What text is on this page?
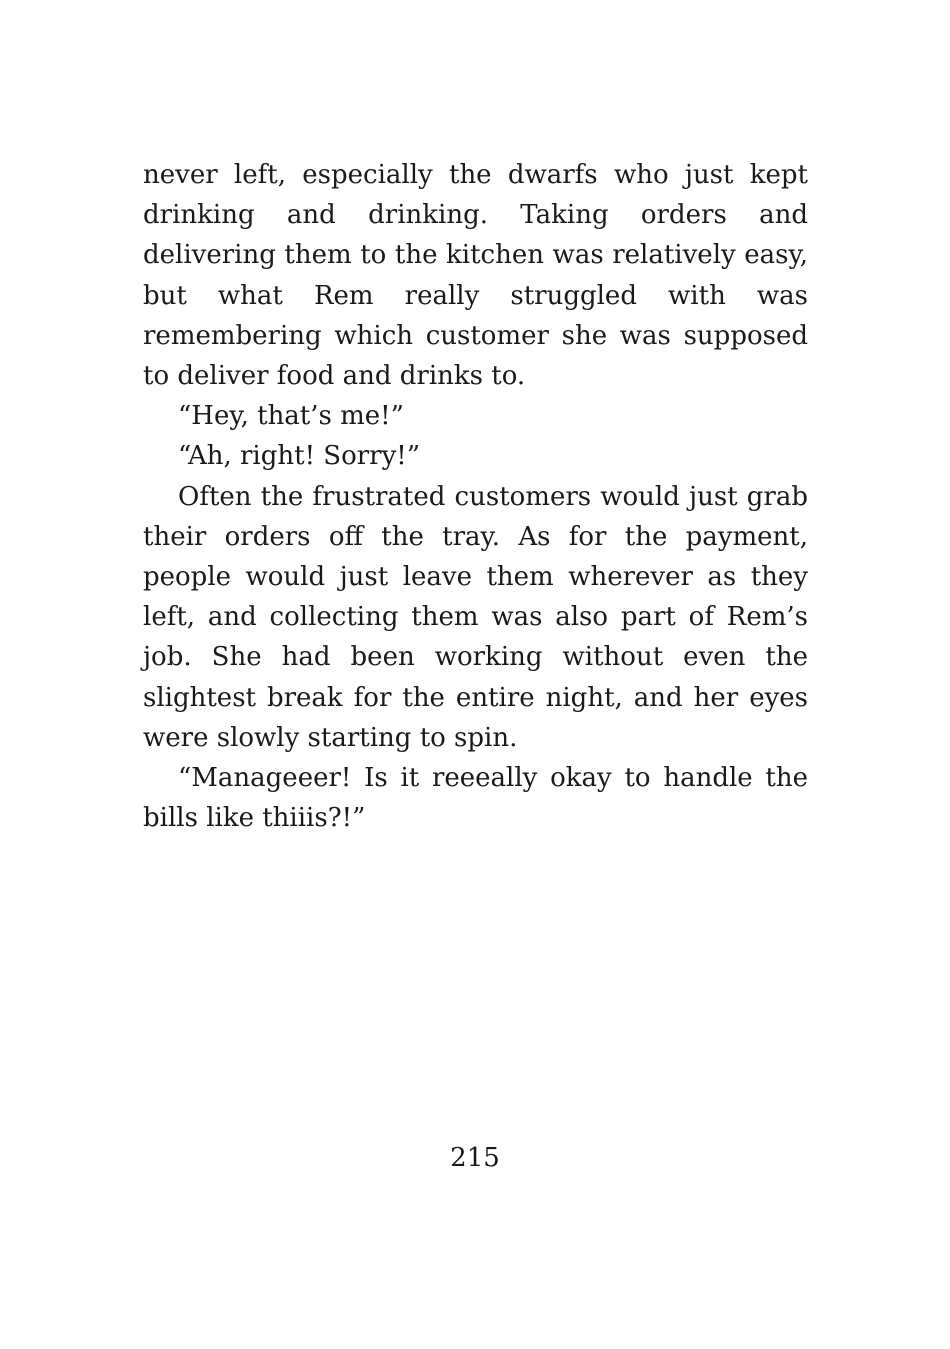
never left, especially the dwarfs who just kept drinking and drinking. Taking orders and delivering them to the kitchen was relatively easy, but what Rem really struggled with was remembering which customer she was supposed to deliver food and drinks to.

“Hey, that’s me!”

“Ah, right! Sorry!”

Often the frustrated customers would just grab their orders off the tray. As for the payment, people would just leave them wherever as they left, and collecting them was also part of Rem’s job. She had been working without even the slightest break for the entire night, and her eyes were slowly starting to spin.

“Manageeer! Is it reeeally okay to handle the bills like thiiis?!”

215
